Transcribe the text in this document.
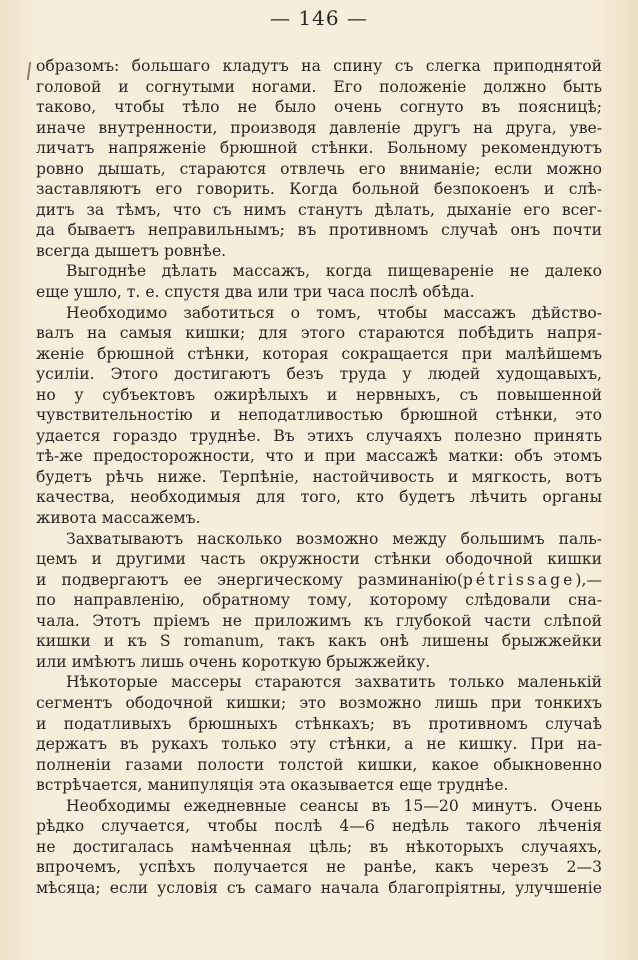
— 146 —
образомъ: большаго кладутъ на спину съ слегка приподнятой
головой и согнутыми ногами. Его положенiе должно быть
таково, чтобы тѣло не было очень согнуто въ поясницѣ;
иначе внутренности, производя давленiе другъ на друга, уве-
личатъ напряженiе брюшной стѣнки. Больному рекомендуютъ
ровно дышать, стараются отвлечь его вниманiе; если можно
заставляютъ его говорить. Когда больной безпокоенъ и слѣ-
дитъ за тѣмъ, что съ нимъ станутъ дѣлать, дыханiе его всег-
да бываетъ неправильнымъ; въ противномъ случаѣ онъ почти
всегда дышетъ ровнѣе.
Выгоднѣе дѣлать массажъ, когда пищеваренiе не далеко
еще ушло, т. е. спустя два или три часа послѣ обѣда.
Необходимо заботиться о томъ, чтобы массажъ дѣйство-
валъ на самыя кишки; для этого стараются побѣдить напря-
женiе брюшной стѣнки, которая сокращается при малѣйшемъ
усилiи. Этого достигаютъ безъ труда у людей худощавыхъ,
но у субъектовъ ожирѣлыхъ и нервныхъ, съ повышенной
чувствительностiю и неподатливостью брюшной стѣнки, это
удается гораздо труднѣе. Въ этихъ случаяхъ полезно принять
тѣ-же предосторожности, что и при массажѣ матки: объ этомъ
будетъ рѣчь ниже. Терпѣнiе, настойчивость и мягкость, вотъ
качества, необходимыя для того, кто будетъ лѣчить органы
живота массажемъ.
Захватываютъ насколько возможно между большимъ паль-
цемъ и другими часть окружности стѣнки ободочной кишки
и подвергаютъ ее энергическому разминанiю(pétrissage),—
по направленiю, обратному тому, которому слѣдовали сна-
чала. Этотъ прiемъ не приложимъ къ глубокой части слѣпой
кишки и къ S romanum, такъ какъ онѣ лишены брыжжейки
или имѣютъ лишь очень короткую брыжжейку.
Нѣкоторые массеры стараются захватить только маленькiй
сегментъ ободочной кишки; это возможно лишь при тонкихъ
и податливыхъ брюшныхъ стѣнкахъ; въ противномъ случаѣ
держатъ въ рукахъ только эту стѣнки, а не кишку. При на-
полненiи газами полости толстой кишки, какое обыкновенно
встрѣчается, манипуляцiя эта оказывается еще труднѣе.
Необходимы ежедневные сеансы въ 15—20 минутъ. Очень
рѣдко случается, чтобы послѣ 4—6 недѣль такого лѣченiя
не достигалась намѣченная цѣль; въ нѣкоторыхъ случаяхъ,
впрочемъ, успѣхъ получается не ранѣе, какъ черезъ 2—3
мѣсяца; если условiя съ самаго начала благопрiятны, улучшенiе
